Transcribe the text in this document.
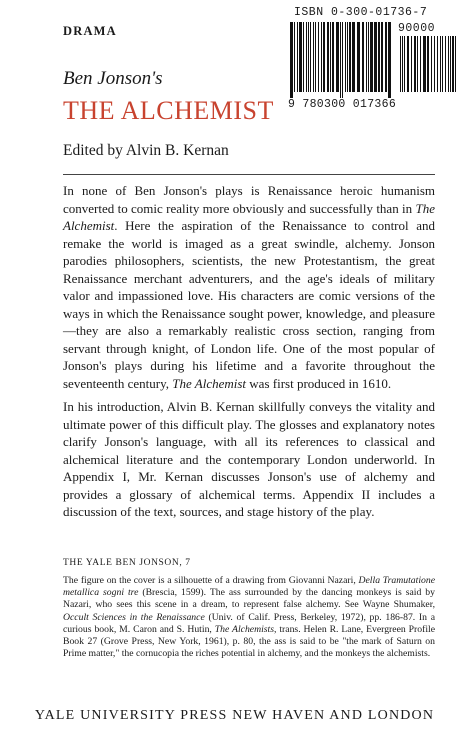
DRAMA
ISBN 0-300-01736-7
90000
9 780300 017366
Ben Jonson's
THE ALCHEMIST
Edited by Alvin B. Kernan

In none of Ben Jonson's plays is Renaissance heroic humanism converted to comic reality more obviously and successfully than in The Alchemist. Here the aspiration of the Renaissance to control and remake the world is imaged as a great swindle, alchemy. Jonson parodies philosophers, scientists, the new Protestantism, the great Renaissance merchant adventurers, and the age's ideals of military valor and impassioned love. His characters are comic versions of the ways in which the Renaissance sought power, knowledge, and pleasure—they are also a remarkably realistic cross section, ranging from servant through knight, of London life. One of the most popular of Jonson's plays during his lifetime and a favorite throughout the seventeenth century, The Alchemist was first produced in 1610.

In his introduction, Alvin B. Kernan skillfully conveys the vitality and ultimate power of this difficult play. The glosses and explanatory notes clarify Jonson's language, with all its references to classical and alchemical literature and the contemporary London underworld. In Appendix I, Mr. Kernan discusses Jonson's use of alchemy and provides a glossary of alchemical terms. Appendix II includes a discussion of the text, sources, and stage history of the play.

THE YALE BEN JONSON, 7
The figure on the cover is a silhouette of a drawing from Giovanni Nazari, Della Tramutatione metallica sogni tre (Brescia, 1599). The ass surrounded by the dancing monkeys is said by Nazari, who sees this scene in a dream, to represent false alchemy. See Wayne Shumaker, Occult Sciences in the Renaissance (Univ. of Calif. Press, Berkeley, 1972), pp. 186-87. In a curious book, M. Caron and S. Hutin, The Alchemists, trans. Helen R. Lane, Evergreen Profile Book 27 (Grove Press, New York, 1961), p. 80, the ass is said to be "the mark of Saturn on Prime matter," the cornucopia the riches potential in alchemy, and the monkeys the alchemists.
YALE UNIVERSITY PRESS NEW HAVEN AND LONDON
